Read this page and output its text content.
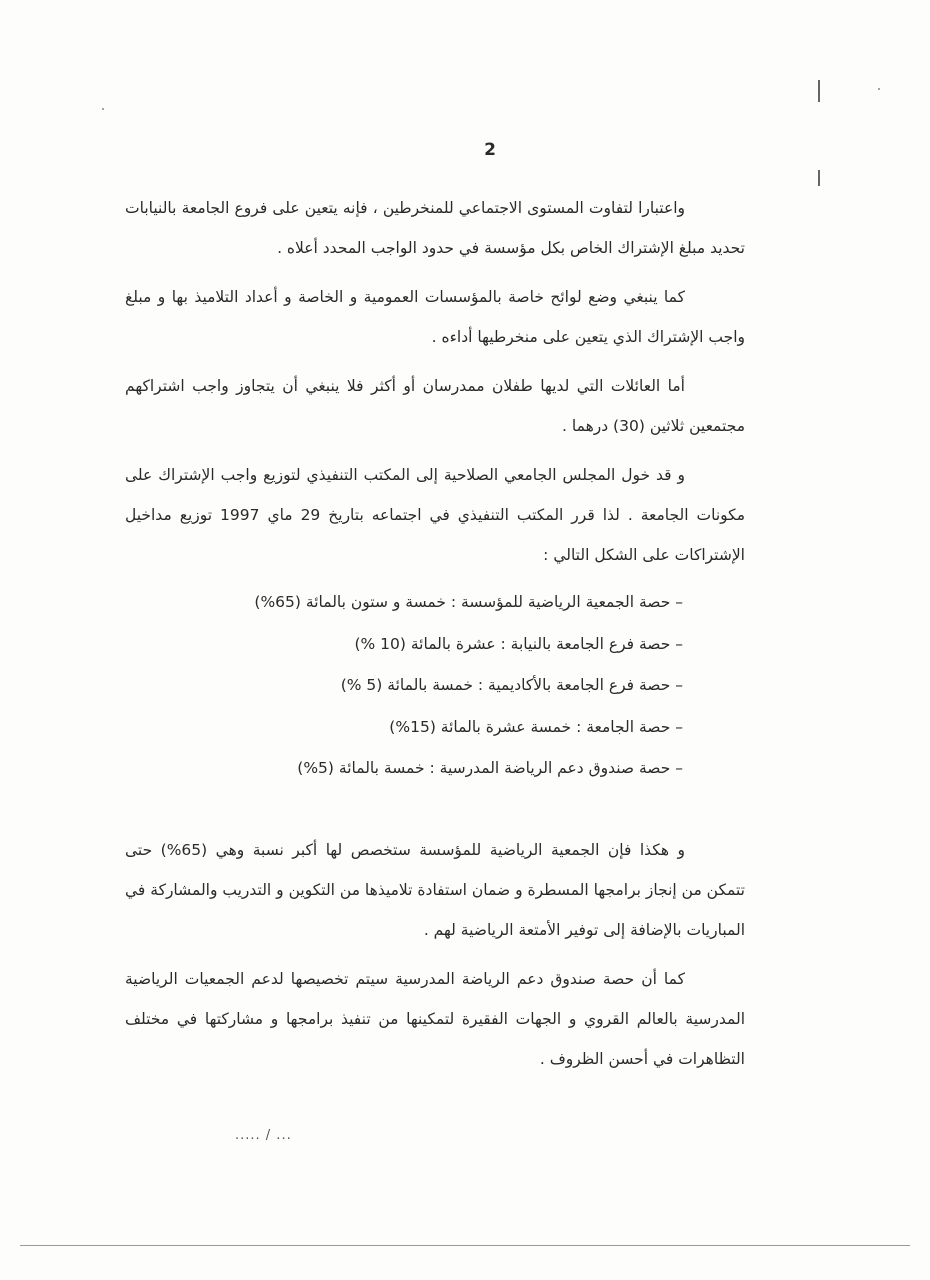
2

واعتبارا لتفاوت المستوى الاجتماعي للمنخرطين ، فإنه يتعين على فروع الجامعة بالنيابات تحديد مبلغ الإشتراك الخاص بكل مؤسسة في حدود الواجب المحدد أعلاه .

كما ينبغي وضع لوائح خاصة بالمؤسسات العمومية و الخاصة و أعداد التلاميذ بها و مبلغ واجب الإشتراك الذي يتعين على منخرطيها أداءه .

أما العائلات التي لديها طفلان ممدرسان أو أكثر فلا ينبغي أن يتجاوز واجب اشتراكهم مجتمعين ثلاثين (30) درهما .

و قد خول المجلس الجامعي الصلاحية إلى المكتب التنفيذي لتوزيع واجب الإشتراك على مكونات الجامعة . لذا قرر المكتب التنفيذي في اجتماعه بتاريخ 29 ماي 1997 توزيع مداخيل الإشتراكات على الشكل التالي :

– حصة الجمعية الرياضية للمؤسسة : خمسة و ستون بالمائة (65%)
– حصة فرع الجامعة بالنيابة : عشرة بالمائة (10 %)
– حصة فرع الجامعة بالأكاديمية : خمسة بالمائة (5 %)
– حصة الجامعة : خمسة عشرة بالمائة (15%)
– حصة صندوق دعم الرياضة المدرسية : خمسة بالمائة (5%)

و هكذا فإن الجمعية الرياضية للمؤسسة ستخصص لها أكبر نسبة وهي (65%) حتى تتمكن من إنجاز برامجها المسطرة و ضمان استفادة تلاميذها من التكوين و التدريب والمشاركة في المباريات بالإضافة إلى توفير الأمتعة الرياضية لهم .

كما أن حصة صندوق دعم الرياضة المدرسية سيتم تخصيصها لدعم الجمعيات الرياضية المدرسية بالعالم القروي و الجهات الفقيرة لتمكينها من تنفيذ برامجها و مشاركتها في مختلف التظاهرات في أحسن الظروف .

..... / ...
